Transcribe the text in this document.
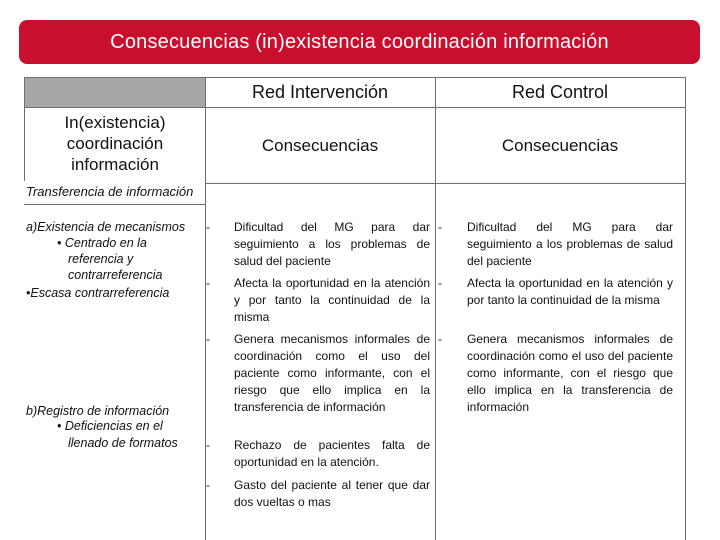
Consecuencias (in)existencia coordinación información
Red Intervención	Red Control
In(existencia) coordinación información
Consecuencias	Consecuencias
Transferencia de información
a)Existencia de mecanismos
• Centrado en la
referencia y
contrarreferencia
•Escasa contrarreferencia
b)Registro de información
• Deficiencias en el
llenado de formatos
- Dificultad del MG para dar seguimiento a los problemas de salud del paciente
- Afecta la oportunidad en la atención y por tanto la continuidad de la misma
- Genera mecanismos informales de coordinación como el uso del paciente como informante, con el riesgo que ello implica en la transferencia de información
- Rechazo de pacientes falta de oportunidad en la atención.
- Gasto del paciente al tener que dar dos vueltas o mas
- Dificultad del MG para dar seguimiento a los problemas de salud del paciente
- Afecta la oportunidad en la atención y por tanto la continuidad de la misma
- Genera mecanismos informales de coordinación como el uso del paciente como informante, con el riesgo que ello implica en la transferencia de información
